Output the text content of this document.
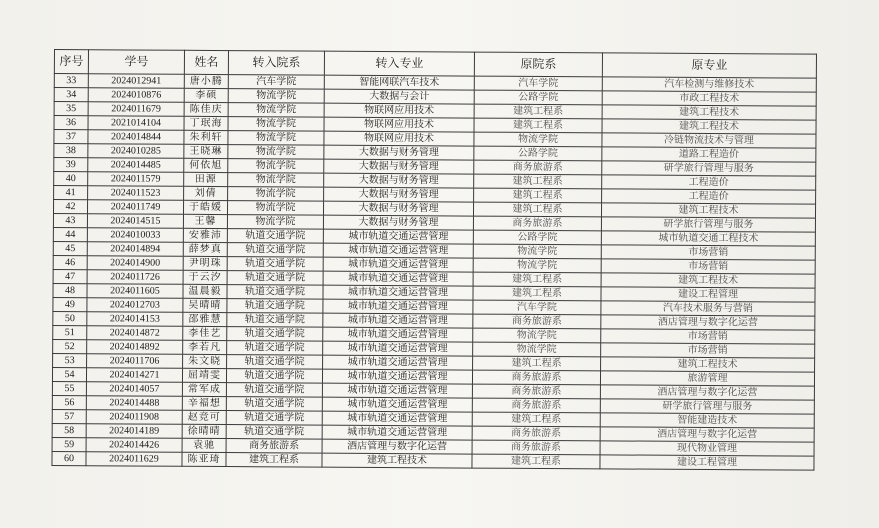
序号	学号	姓名	转入院系	转入专业	原院系	原专业
33	2024012941	唐小腾	汽车学院	智能网联汽车技术	汽车学院	汽车检测与维修技术
34	2024010876	李硕	物流学院	大数据与会计	公路学院	市政工程技术
35	2024011679	陈佳庆	物流学院	物联网应用技术	建筑工程系	建筑工程技术
36	2021014104	丁珉海	物流学院	物联网应用技术	建筑工程系	建筑工程技术
37	2024014844	朱利轩	物流学院	物联网应用技术	物流学院	冷链物流技术与管理
38	2024010285	王晓琳	物流学院	大数据与财务管理	公路学院	道路工程造价
39	2024014485	何依旭	物流学院	大数据与财务管理	商务旅游系	研学旅行管理与服务
40	2024011579	田源	物流学院	大数据与财务管理	建筑工程系	工程造价
41	2024011523	刘倩	物流学院	大数据与财务管理	建筑工程系	工程造价
42	2024011749	于皓媛	物流学院	大数据与财务管理	建筑工程系	建筑工程技术
43	2024014515	王馨	物流学院	大数据与财务管理	商务旅游系	研学旅行管理与服务
44	2024010033	安雅沛	轨道交通学院	城市轨道交通运营管理	公路学院	城市轨道交通工程技术
45	2024014894	薛梦真	轨道交通学院	城市轨道交通运营管理	物流学院	市场营销
46	2024014900	尹明珠	轨道交通学院	城市轨道交通运营管理	物流学院	市场营销
47	2024011726	于云汐	轨道交通学院	城市轨道交通运营管理	建筑工程系	建筑工程技术
48	2024011605	温晨毅	轨道交通学院	城市轨道交通运营管理	建筑工程系	建设工程管理
49	2024012703	吴晴晴	轨道交通学院	城市轨道交通运营管理	汽车学院	汽车技术服务与营销
50	2024014153	邵雅慧	轨道交通学院	城市轨道交通运营管理	商务旅游系	酒店管理与数字化运营
51	2024014872	李佳艺	轨道交通学院	城市轨道交通运营管理	物流学院	市场营销
52	2024014892	李若凡	轨道交通学院	城市轨道交通运营管理	物流学院	市场营销
53	2024011706	朱文晓	轨道交通学院	城市轨道交通运营管理	建筑工程系	建筑工程技术
54	2024014271	屈靖雯	轨道交通学院	城市轨道交通运营管理	商务旅游系	旅游管理
55	2024014057	常军成	轨道交通学院	城市轨道交通运营管理	商务旅游系	酒店管理与数字化运营
56	2024014488	辛福想	轨道交通学院	城市轨道交通运营管理	商务旅游系	研学旅行管理与服务
57	2024011908	赵竞可	轨道交通学院	城市轨道交通运营管理	建筑工程系	智能建造技术
58	2024014189	徐晴晴	轨道交通学院	城市轨道交通运营管理	商务旅游系	酒店管理与数字化运营
59	2024014426	袁驰	商务旅游系	酒店管理与数字化运营	商务旅游系	现代物业管理
60	2024011629	陈亚琦	建筑工程系	建筑工程技术	建筑工程系	建设工程管理
